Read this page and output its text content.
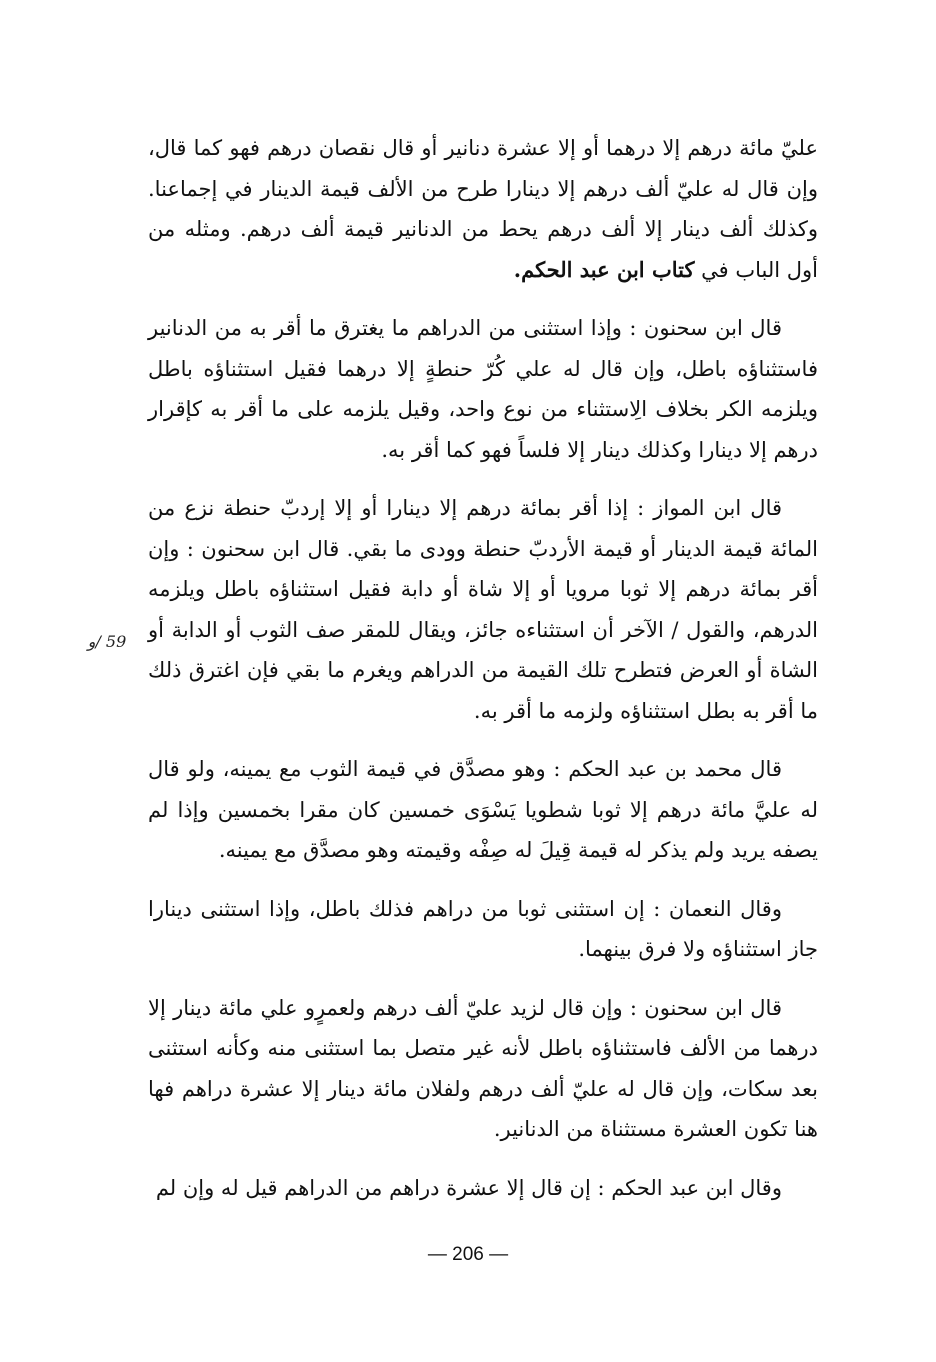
عليّ مائة درهم إلا درهما أو إلا عشرة دنانير أو قال نقصان درهم فهو كما قال، وإن قال له عليّ ألف درهم إلا دينارا طرح من الألف قيمة الدينار في إجماعنا. وكذلك ألف دينار إلا ألف درهم يحط من الدنانير قيمة ألف درهم. ومثله من أول الباب في كتاب ابن عبد الحكم.

قال ابن سحنون : وإذا استثنى من الدراهم ما يغترق ما أقر به من الدنانير فاستثناؤه باطل، وإن قال له علي كُرّ حنطةٍ إلا درهما فقيل استثناؤه باطل ويلزمه الكر بخلاف الِاستثناء من نوع واحد، وقيل يلزمه على ما أقر به كإقرار درهم إلا دينارا وكذلك دينار إلا فلساً فهو كما أقر به.

قال ابن المواز : إذا أقر بمائة درهم إلا دينارا أو إلا إردبّ حنطة نزع من المائة قيمة الدينار أو قيمة الأردبّ حنطة وودى ما بقي. قال ابن سحنون : وإن أقر بمائة درهم إلا ثوبا مرويا أو إلا شاة أو دابة فقيل استثناؤه باطل ويلزمه الدرهم، والقول / الآخر أن استثناءه جائز، ويقال للمقر صف الثوب أو الدابة أو الشاة أو العرض فتطرح تلك القيمة من الدراهم ويغرم ما بقي فإن اغترق ذلك ما أقر به بطل استثناؤه ولزمه ما أقر به.

قال محمد بن عبد الحكم : وهو مصدَّق في قيمة الثوب مع يمينه، ولو قال له عليَّ مائة درهم إلا ثوبا شطويا يَسْوَى خمسين كان مقرا بخمسين وإذا لم يصفه يريد ولم يذكر له قيمة قِيلَ له صِفْه وقيمته وهو مصدَّق مع يمينه.

وقال النعمان : إن استثنى ثوبا من دراهم فذلك باطل، وإذا استثنى دينارا جاز استثناؤه ولا فرق بينهما.

قال ابن سحنون : وإن قال لزيد عليّ ألف درهم ولعمرٍو علي مائة دينار إلا درهما من الألف فاستثناؤه باطل لأنه غير متصل بما استثنى منه وكأنه استثنى بعد سكات، وإن قال له عليّ ألف درهم ولفلان مائة دينار إلا عشرة دراهم فها هنا تكون العشرة مستثناة من الدنانير.

وقال ابن عبد الحكم : إن قال إلا عشرة دراهم من الدراهم قيل له وإن لم

59 /و
— 206 —
